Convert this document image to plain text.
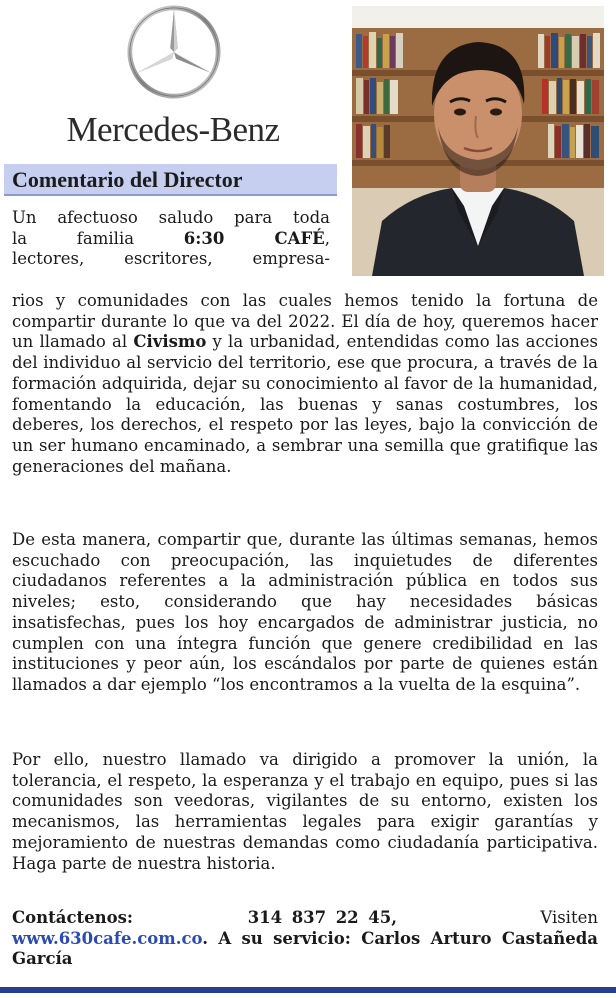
Mercedes-Benz
Comentario del Director
Un afectuoso saludo para toda
la familia 6:30 CAFÉ,
lectores, escritores, empresa-
rios y comunidades con las cuales hemos tenido la fortuna de compartir durante lo que va del 2022. El día de hoy, queremos hacer un llamado al Civismo y la urbanidad, entendidas como las acciones del individuo al servicio del territorio, ese que procura, a través de la formación adquirida, dejar su conocimiento al favor de la humanidad, fomentando la educación, las buenas y sanas costumbres, los deberes, los derechos, el respeto por las leyes, bajo la convicción de un ser humano encaminado, a sembrar una semilla que gratifique las generaciones del mañana.
De esta manera, compartir que, durante las últimas semanas, hemos escuchado con preocupación, las inquietudes de diferentes ciudadanos referentes a la administración pública en todos sus niveles; esto, considerando que hay necesidades básicas insatisfechas, pues los hoy encargados de administrar justicia, no cumplen con una íntegra función que genere credibilidad en las instituciones y peor aún, los escándalos por parte de quienes están llamados a dar ejemplo “los encontramos a la vuelta de la esquina”.
Por ello, nuestro llamado va dirigido a promover la unión, la tolerancia, el respeto, la esperanza y el trabajo en equipo, pues si las comunidades son veedoras, vigilantes de su entorno, existen los mecanismos, las herramientas legales para exigir garantías y mejoramiento de nuestras demandas como ciudadanía participativa. Haga parte de nuestra historia.
Contáctenos:	314 837 22 45,               Visiten www.630cafe.com.co. A su servicio: Carlos Arturo Castañeda García
